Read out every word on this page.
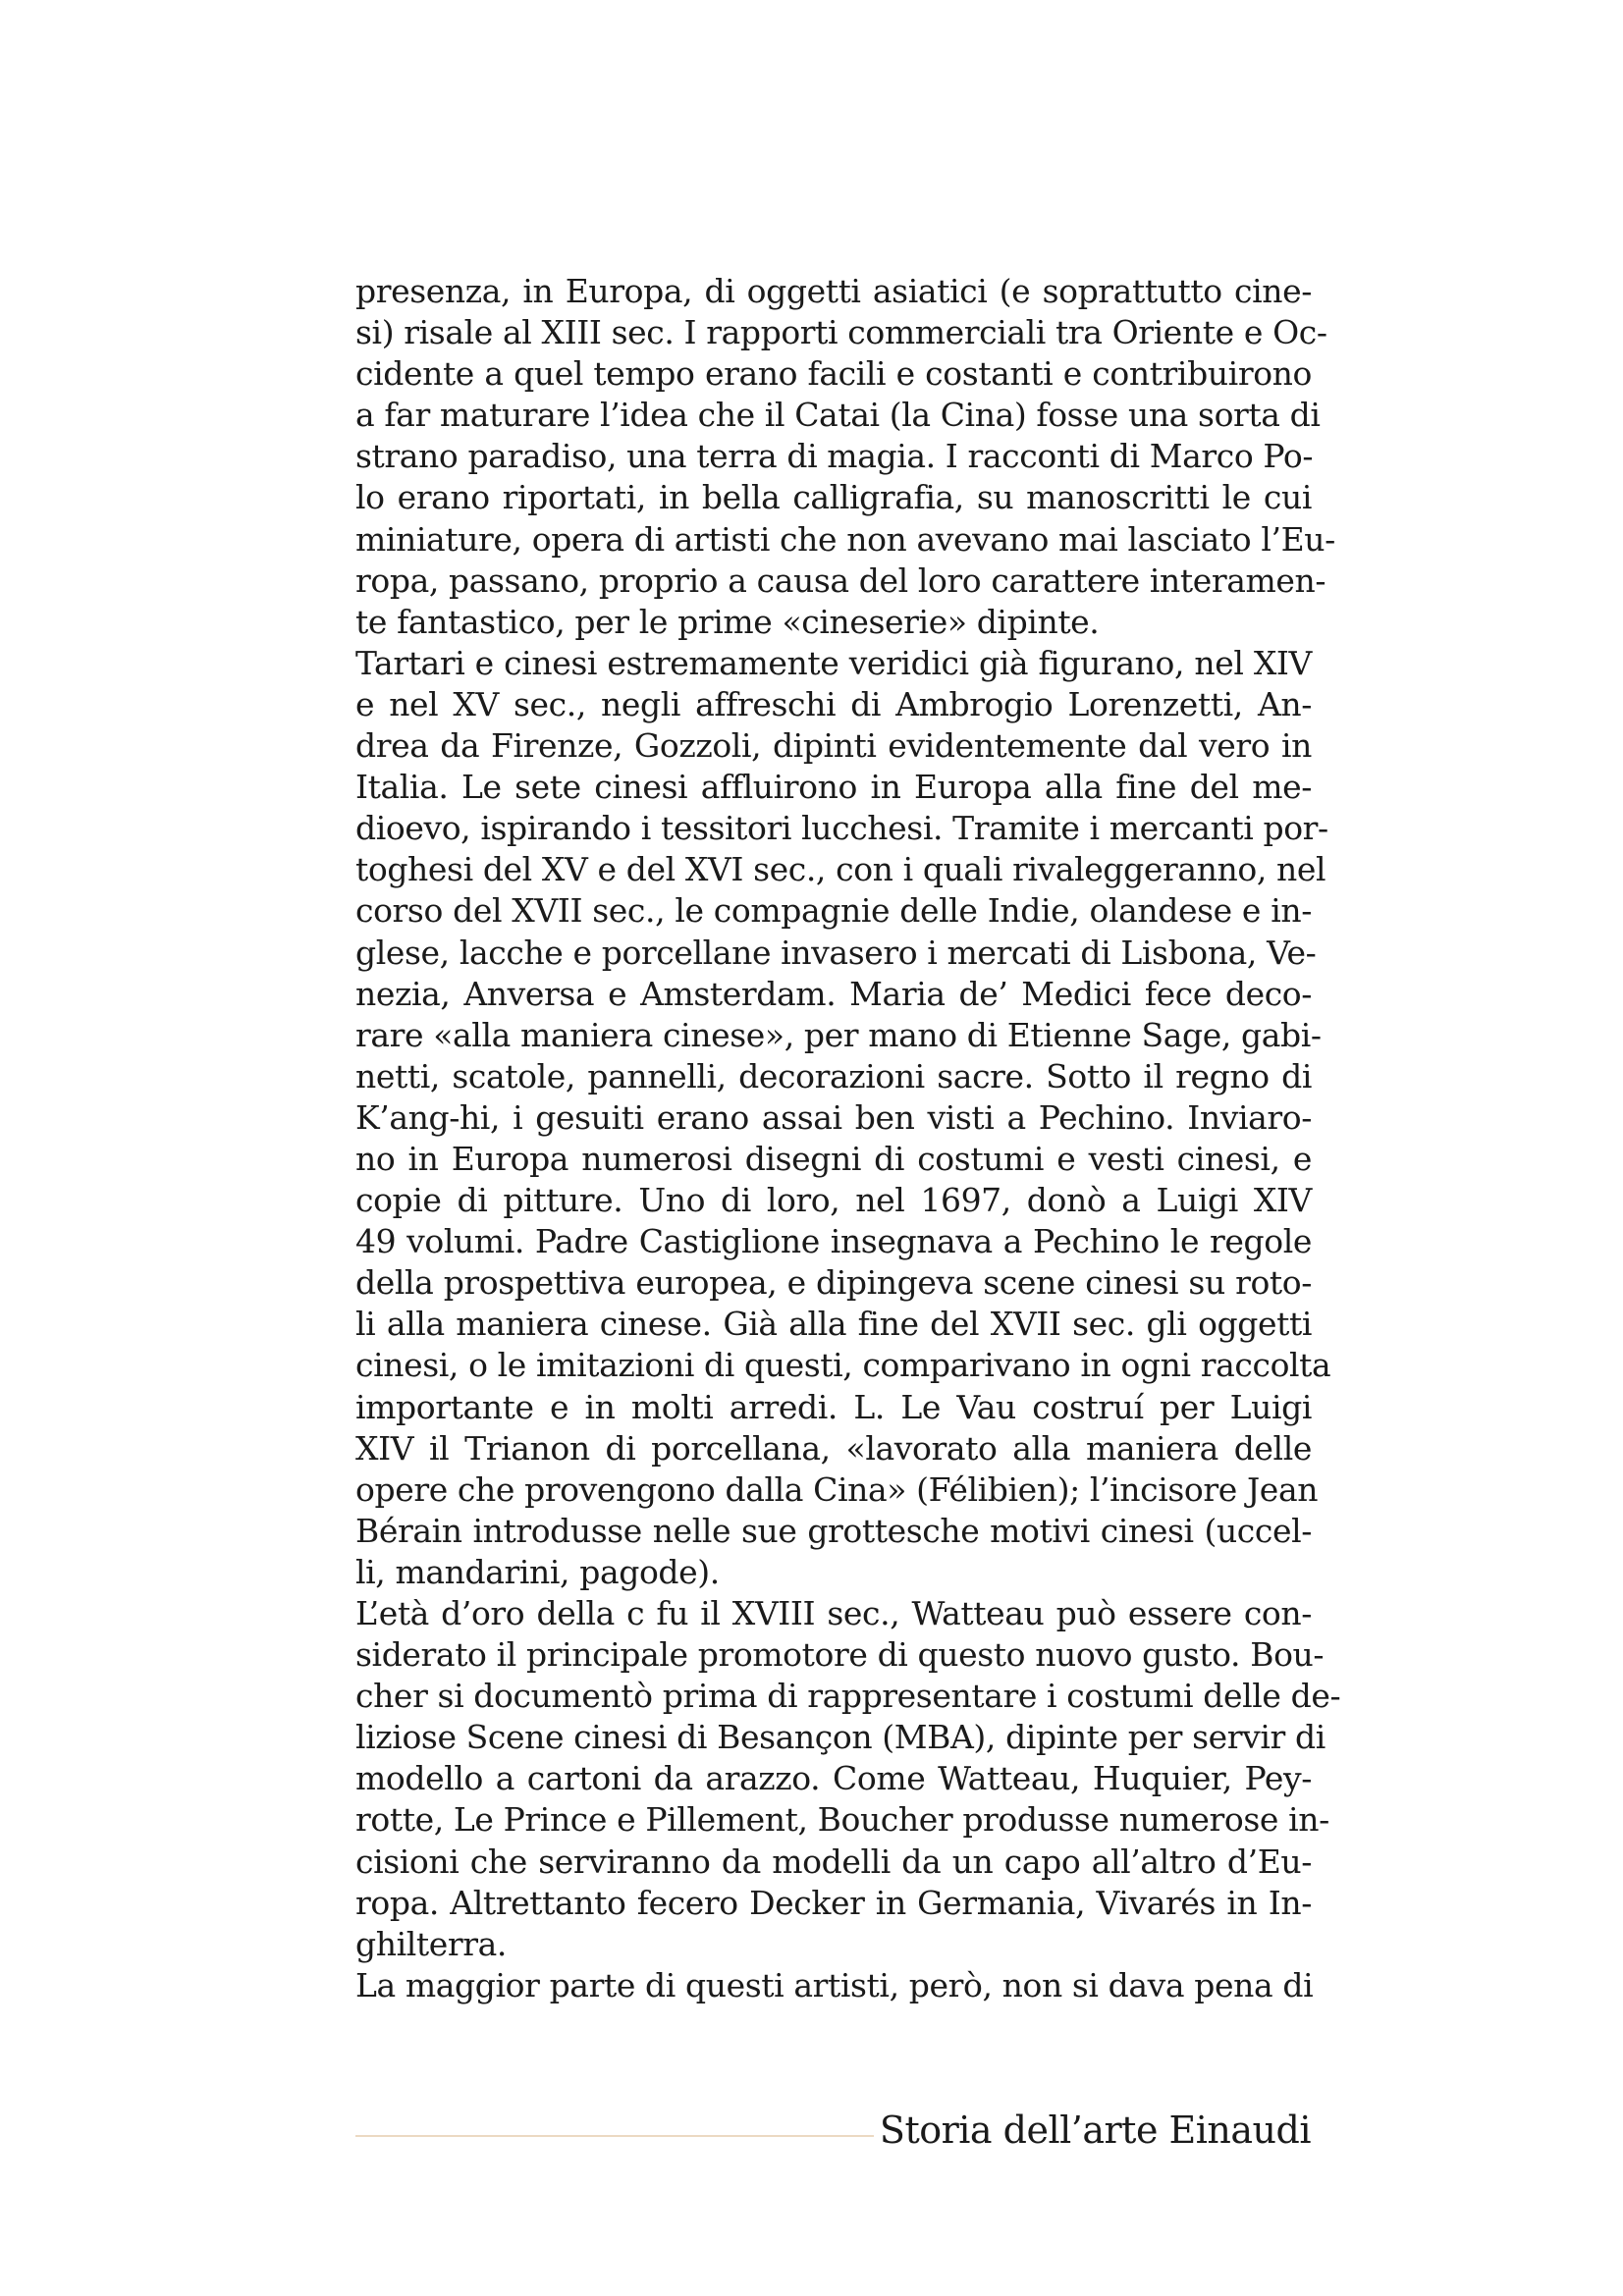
presenza, in Europa, di oggetti asiatici (e soprattutto cine-
si) risale al XIII sec. I rapporti commerciali tra Oriente e Oc-
cidente a quel tempo erano facili e costanti e contribuirono
a far maturare l’idea che il Catai (la Cina) fosse una sorta di
strano paradiso, una terra di magia. I racconti di Marco Po-
lo erano riportati, in bella calligrafia, su manoscritti le cui
miniature, opera di artisti che non avevano mai lasciato l’Eu-
ropa, passano, proprio a causa del loro carattere interamen-
te fantastico, per le prime «cineserie» dipinte.
Tartari e cinesi estremamente veridici già figurano, nel XIV
e nel XV sec., negli affreschi di Ambrogio Lorenzetti, An-
drea da Firenze, Gozzoli, dipinti evidentemente dal vero in
Italia. Le sete cinesi affluirono in Europa alla fine del me-
dioevo, ispirando i tessitori lucchesi. Tramite i mercanti por-
toghesi del XV e del XVI sec., con i quali rivaleggeranno, nel
corso del XVII sec., le compagnie delle Indie, olandese e in-
glese, lacche e porcellane invasero i mercati di Lisbona, Ve-
nezia, Anversa e Amsterdam. Maria de’ Medici fece deco-
rare «alla maniera cinese», per mano di Etienne Sage, gabi-
netti, scatole, pannelli, decorazioni sacre. Sotto il regno di
K’ang-hi, i gesuiti erano assai ben visti a Pechino. Inviaro-
no in Europa numerosi disegni di costumi e vesti cinesi, e
copie di pitture. Uno di loro, nel 1697, donò a Luigi XIV
49 volumi. Padre Castiglione insegnava a Pechino le regole
della prospettiva europea, e dipingeva scene cinesi su roto-
li alla maniera cinese. Già alla fine del XVII sec. gli oggetti
cinesi, o le imitazioni di questi, comparivano in ogni raccolta
importante e in molti arredi. L. Le Vau costruí per Luigi
XIV il Trianon di porcellana, «lavorato alla maniera delle
opere che provengono dalla Cina» (Félibien); l’incisore Jean
Bérain introdusse nelle sue grottesche motivi cinesi (uccel-
li, mandarini, pagode).
L’età d’oro della c fu il XVIII sec., Watteau può essere con-
siderato il principale promotore di questo nuovo gusto. Bou-
cher si documentò prima di rappresentare i costumi delle de-
liziose Scene cinesi di Besançon (MBA), dipinte per servir di
modello a cartoni da arazzo. Come Watteau, Huquier, Pey-
rotte, Le Prince e Pillement, Boucher produsse numerose in-
cisioni che serviranno da modelli da un capo all’altro d’Eu-
ropa. Altrettanto fecero Decker in Germania, Vivarés in In-
ghilterra.
La maggior parte di questi artisti, però, non si dava pena di
Storia dell’arte Einaudi
